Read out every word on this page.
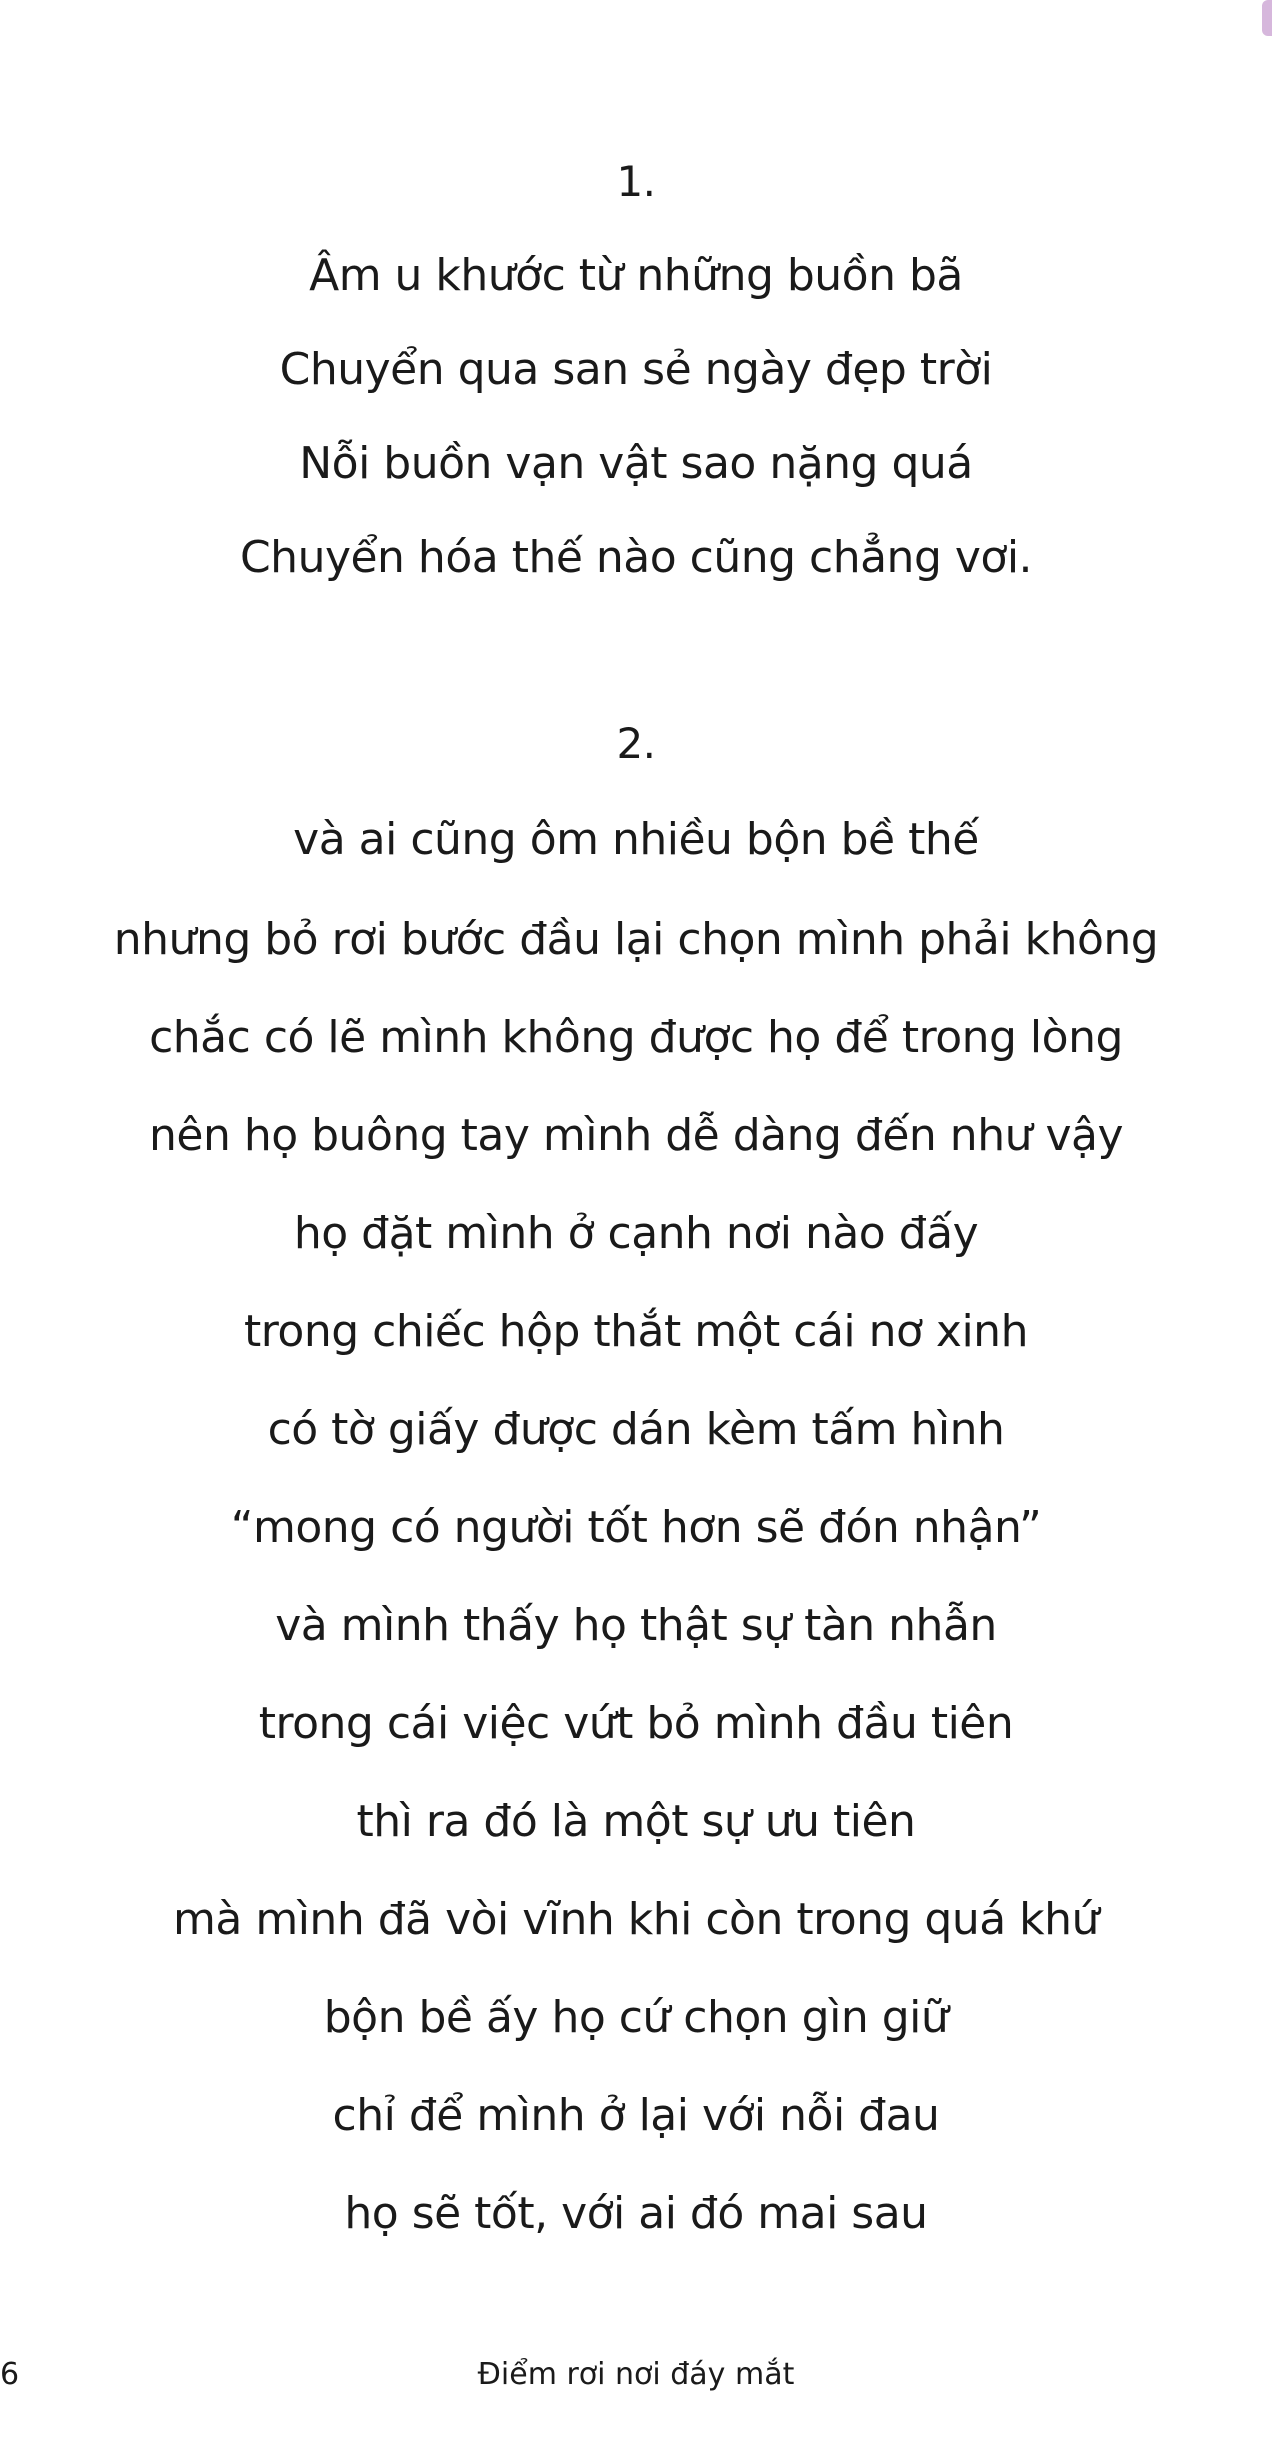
1.
Âm u khước từ những buồn bã
Chuyển qua san sẻ ngày đẹp trời
Nỗi buồn vạn vật sao nặng quá
Chuyển hóa thế nào cũng chẳng vơi.
2.
và ai cũng ôm nhiều bộn bề thế
nhưng bỏ rơi bước đầu lại chọn mình phải không
chắc có lẽ mình không được họ để trong lòng
nên họ buông tay mình dễ dàng đến như vậy
họ đặt mình ở cạnh nơi nào đấy
trong chiếc hộp thắt một cái nơ xinh
có tờ giấy được dán kèm tấm hình
“mong có người tốt hơn sẽ đón nhận”
và mình thấy họ thật sự tàn nhẫn
trong cái việc vứt bỏ mình đầu tiên
thì ra đó là một sự ưu tiên
mà mình đã vòi vĩnh khi còn trong quá khứ
bộn bề ấy họ cứ chọn gìn giữ
chỉ để mình ở lại với nỗi đau
họ sẽ tốt, với ai đó mai sau
6	Điểm rơi nơi đáy mắt
